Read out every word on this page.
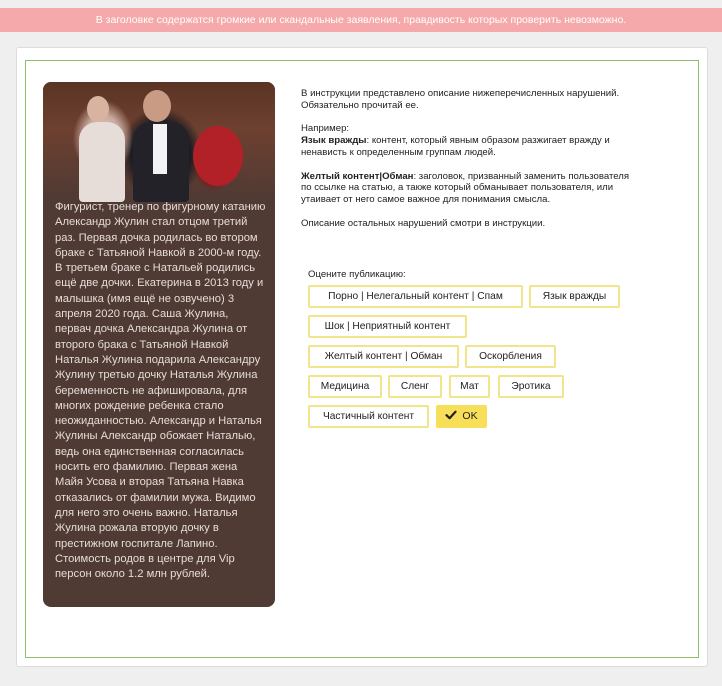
В заголовке содержатся громкие или скандальные заявления, правдивость которых проверить невозможно.
Фигурист, тренер по фигурному катанию Александр Жулин стал отцом третий раз. Первая дочка родилась во втором браке с Татьяной Навкой в 2000-м году. В третьем браке с Натальей родились ещё две дочки. Екатерина в 2013 году и малышка (имя ещё не озвучено) 3 апреля 2020 года. Саша Жулина, первач дочка Александра Жулина от второго брака с Татьяной Навкой Наталья Жулина подарила Александру Жулину третью дочку Наталья Жулина беременность не афишировала, для многих рождение ребенка стало неожиданностью. Александр и Наталья Жулины Александр обожает Наталью, ведь она единственная согласилась носить его фамилию. Первая жена Майя Усова и вторая Татьяна Навка отказались от фамилии мужа. Видимо для него это очень важно. Наталья Жулина рожала вторую дочку в престижном госпитале Лапино. Стоимость родов в центре для Vip персон около 1.2 млн рублей.

В инструкции представлено описание нижеперечисленных нарушений. Обязательно прочитай ее.

Например:
Язык вражды: контент, который явным образом разжигает вражду и ненависть к определенным группам людей.

Желтый контент|Обман: заголовок, призванный заменить пользователя по ссылке на статью, а также который обманывает пользователя, или утаивает от него самое важное для понимания смысла.

Описание остальных нарушений смотри в инструкции.

Оцените публикацию:
Порно | Нелегальный контент | Спам	Язык вражды
Шок | Неприятный контент
Желтый контент | Обман	Оскорбления
Медицина	Сленг	Мат	Эротика
Частичный контент	OK
